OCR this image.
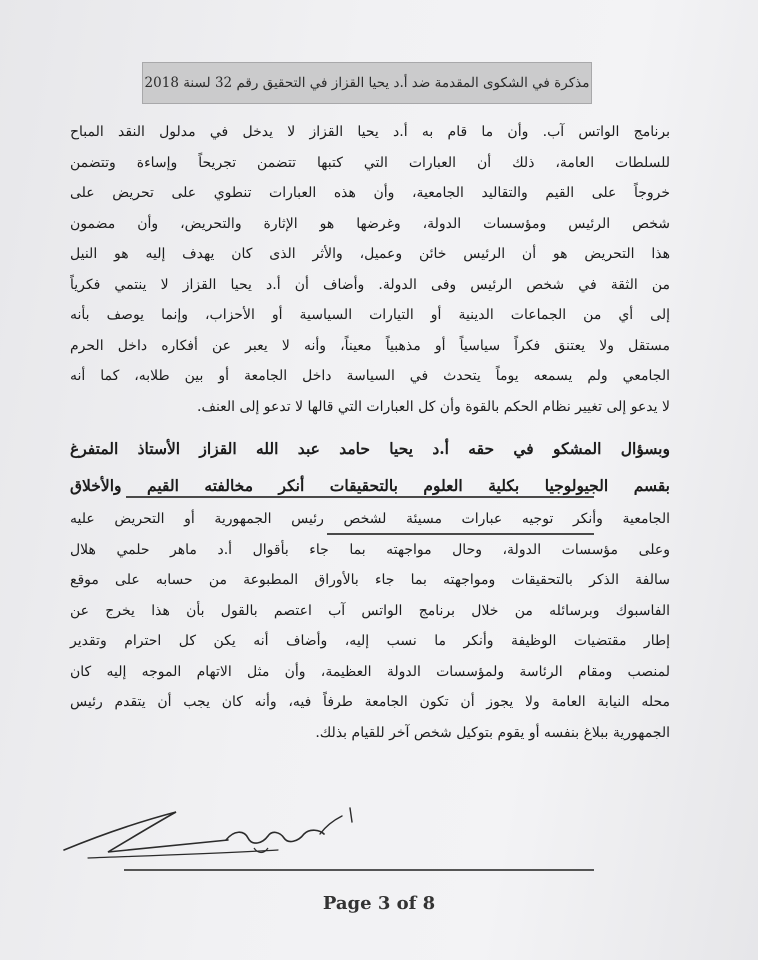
مذكرة في الشكوى المقدمة ضد أ.د يحيا القزاز في التحقيق رقم 32 لسنة 2018
برنامج الواتس آب. وأن ما قام به أ.د يحيا القزاز لا يدخل في مدلول النقد المباح
للسلطات العامة، ذلك أن العبارات التي كتبها تتضمن تجريحاً وإساءة وتتضمن
خروجاً على القيم والتقاليد الجامعية، وأن هذه العبارات تنطوي على تحريض على
شخص الرئيس ومؤسسات الدولة، وغرضها هو الإثارة والتحريض، وأن مضمون
هذا التحريض هو أن الرئيس خائن وعميل، والأثر الذى كان يهدف إليه هو النيل
من الثقة في شخص الرئيس وفى الدولة. وأضاف أن أ.د يحيا القزاز لا ينتمي فكرياً
إلى أي من الجماعات الدينية أو التيارات السياسية أو الأحزاب، وإنما يوصف بأنه
مستقل ولا يعتنق فكراً سياسياً أو مذهبياً معيناً، وأنه لا يعبر عن أفكاره داخل الحرم
الجامعي ولم يسمعه يوماً يتحدث في السياسة داخل الجامعة أو بين طلابه، كما أنه
لا يدعو إلى تغيير نظام الحكم بالقوة وأن كل العبارات التي قالها لا تدعو إلى العنف.
وبسؤال المشكو في حقه أ.د يحيا حامد عبد الله القزاز الأستاذ المتفرغ
بقسم الجيولوجيا بكلية العلوم بالتحقيقات أنكر مخالفته القيم والأخلاق
الجامعية وأنكر توجيه عبارات مسيئة لشخص رئيس الجمهورية أو التحريض عليه
وعلى مؤسسات الدولة، وحال مواجهته بما جاء بأقوال أ.د ماهر حلمي هلال
سالفة الذكر بالتحقيقات ومواجهته بما جاء بالأوراق المطبوعة من حسابه على موقع
الفاسبوك وبرسائله من خلال برنامج الواتس آب اعتصم بالقول بأن هذا يخرج عن
إطار مقتضيات الوظيفة وأنكر ما نسب إليه، وأضاف أنه يكن كل احترام وتقدير
لمنصب ومقام الرئاسة ولمؤسسات الدولة العظيمة، وأن مثل الاتهام الموجه إليه كان
محله النيابة العامة ولا يجوز أن تكون الجامعة طرفاً فيه، وأنه كان يجب أن يتقدم رئيس
الجمهورية ببلاغ بنفسه أو يقوم بتوكيل شخص آخر للقيام بذلك.
Page 3 of 8
